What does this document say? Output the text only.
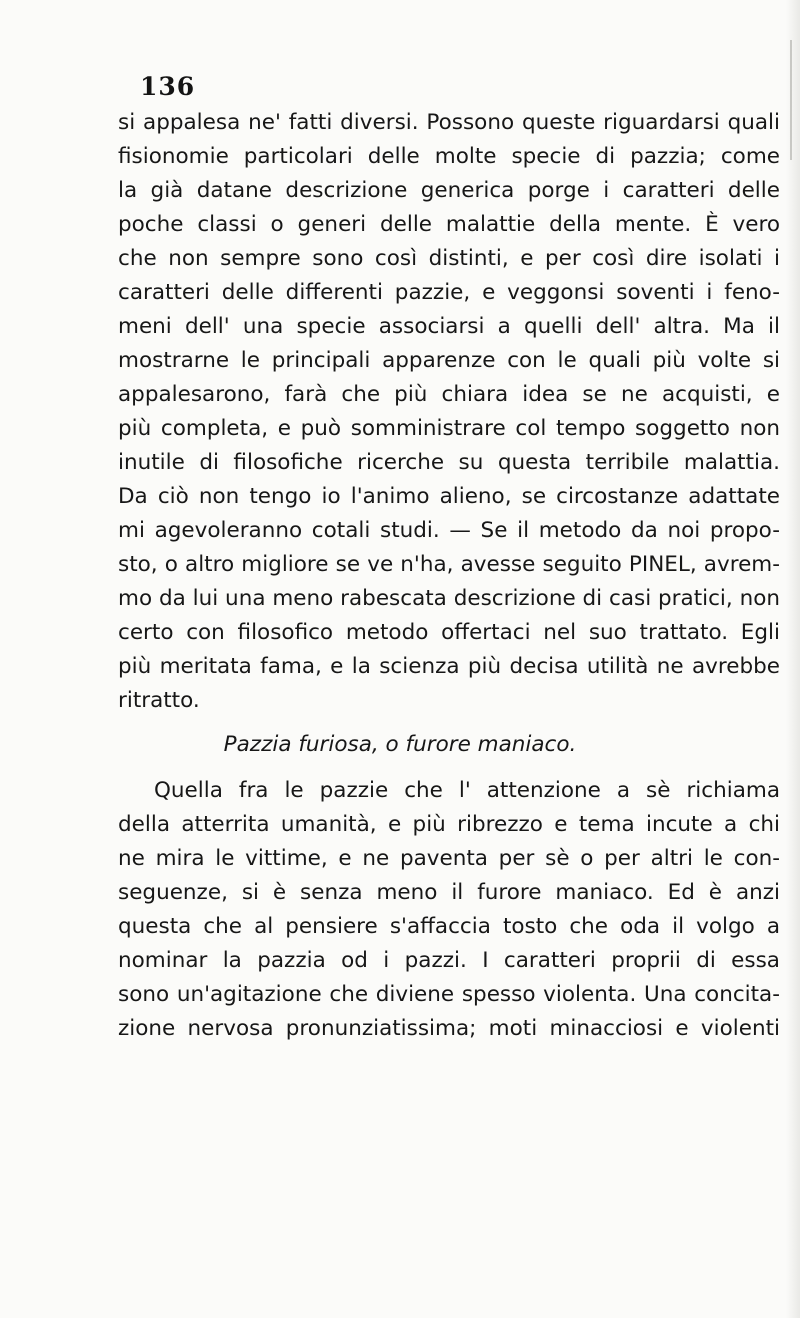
136
si appalesa ne' fatti diversi. Possono queste riguardarsi quali
fisionomie particolari delle molte specie di pazzia; come
la già datane descrizione generica porge i caratteri delle
poche classi o generi delle malattie della mente. È vero
che non sempre sono così distinti, e per così dire isolati i
caratteri delle differenti pazzie, e veggonsi soventi i feno-
meni dell' una specie associarsi a quelli dell' altra. Ma il
mostrarne le principali apparenze con le quali più volte si
appalesarono, farà che più chiara idea se ne acquisti, e
più completa, e può somministrare col tempo soggetto non
inutile di filosofiche ricerche su questa terribile malattia.
Da ciò non tengo io l'animo alieno, se circostanze adattate
mi agevoleranno cotali studi. — Se il metodo da noi propo-
sto, o altro migliore se ve n'ha, avesse seguito PINEL, avrem-
mo da lui una meno rabescata descrizione di casi pratici, non
certo con filosofico metodo offertaci nel suo trattato. Egli
più meritata fama, e la scienza più decisa utilità ne avrebbe
ritratto.
Pazzia furiosa, o furore maniaco.
Quella fra le pazzie che l' attenzione a sè richiama
della atterrita umanità, e più ribrezzo e tema incute a chi
ne mira le vittime, e ne paventa per sè o per altri le con-
seguenze, si è senza meno il furore maniaco. Ed è anzi
questa che al pensiere s'affaccia tosto che oda il volgo a
nominar la pazzia od i pazzi. I caratteri proprii di essa
sono un'agitazione che diviene spesso violenta. Una concita-
zione nervosa pronunziatissima; moti minacciosi e violenti
